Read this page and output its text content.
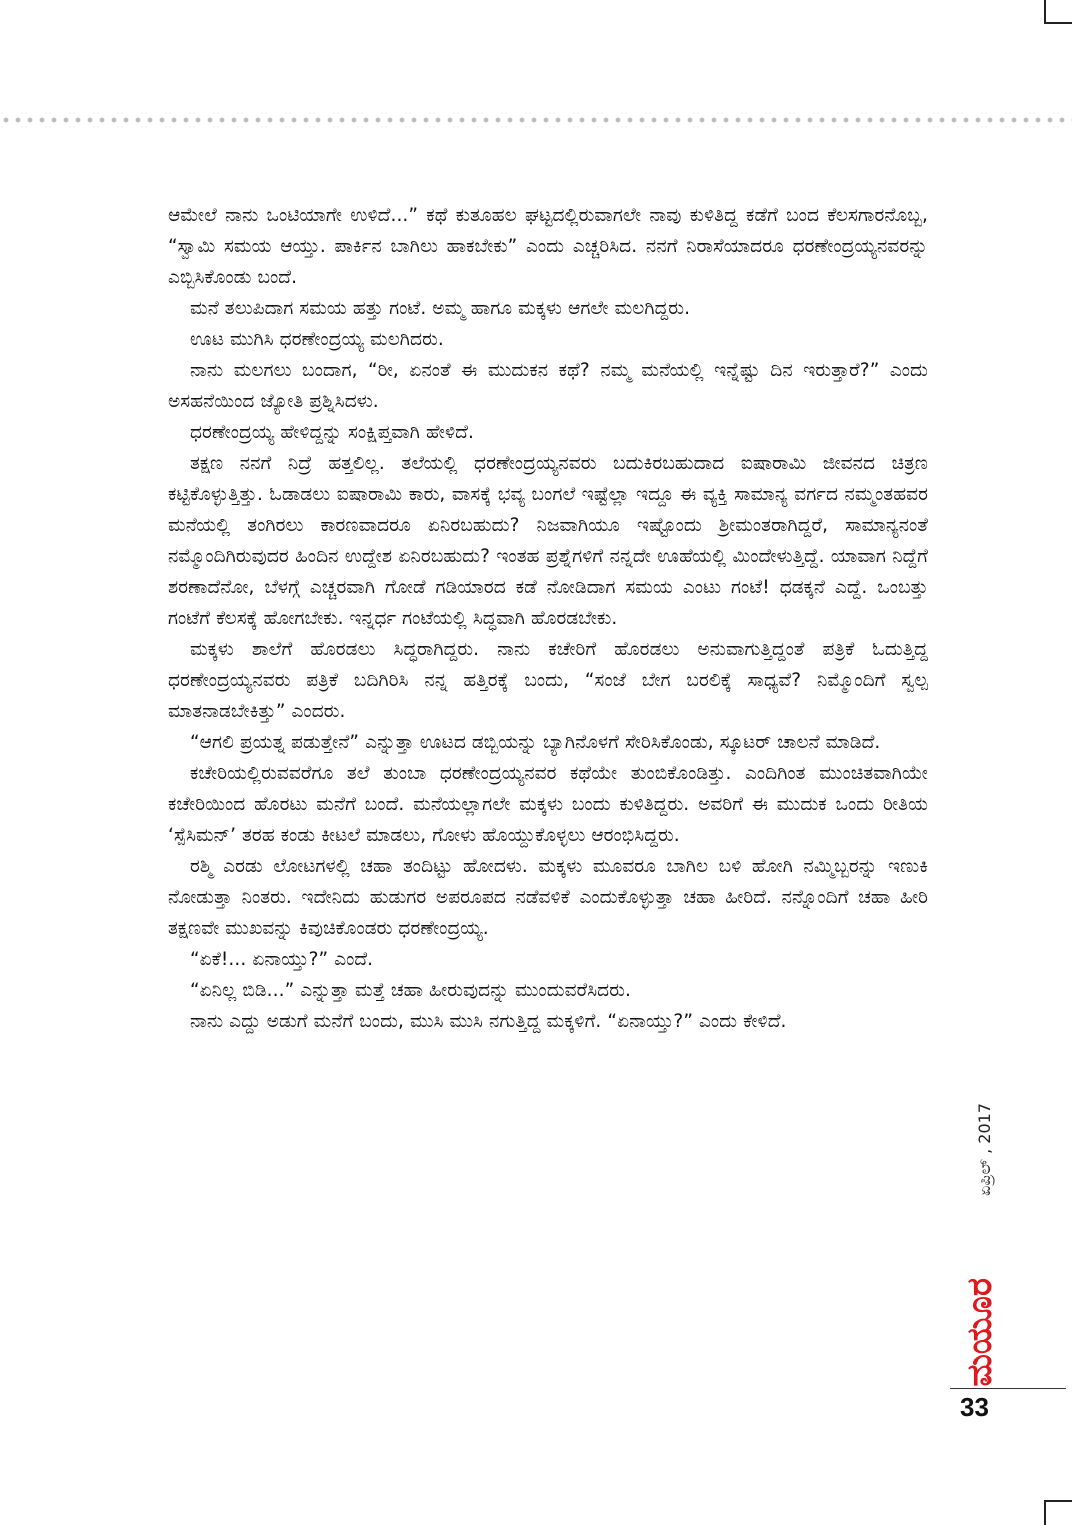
ಆಮೇಲೆ ನಾನು ಒಂಟಿಯಾಗೇ ಉಳಿದೆ...” ಕಥೆ ಕುತೂಹಲ ಘಟ್ಟದಲ್ಲಿರುವಾಗಲೇ ನಾವು ಕುಳಿತಿದ್ದ ಕಡೆಗೆ ಬಂದ ಕೆಲಸಗಾರನೊಬ್ಬ, “ಸ್ವಾಮಿ ಸಮಯ ಆಯ್ತು. ಪಾರ್ಕಿನ ಬಾಗಿಲು ಹಾಕಬೇಕು” ಎಂದು ಎಚ್ಚರಿಸಿದ. ನನಗೆ ನಿರಾಸೆಯಾದರೂ ಧರಣೇಂದ್ರಯ್ಯನವರನ್ನು ಎಬ್ಬಿಸಿಕೊಂಡು ಬಂದೆ.

ಮನೆ ತಲುಪಿದಾಗ ಸಮಯ ಹತ್ತು ಗಂಟೆ. ಅಮ್ಮ ಹಾಗೂ ಮಕ್ಕಳು ಆಗಲೇ ಮಲಗಿದ್ದರು.

ಊಟ ಮುಗಿಸಿ ಧರಣೇಂದ್ರಯ್ಯ ಮಲಗಿದರು.

ನಾನು ಮಲಗಲು ಬಂದಾಗ, “ರೀ, ಏನಂತೆ ಈ ಮುದುಕನ ಕಥೆ? ನಮ್ಮ ಮನೆಯಲ್ಲಿ ಇನ್ನೆಷ್ಟು ದಿನ ಇರುತ್ತಾರೆ?” ಎಂದು ಅಸಹನೆಯಿಂದ ಜ್ಯೋತಿ ಪ್ರಶ್ನಿಸಿದಳು.

ಧರಣೇಂದ್ರಯ್ಯ ಹೇಳಿದ್ದನ್ನು ಸಂಕ್ಷಿಪ್ತವಾಗಿ ಹೇಳಿದೆ.

ತಕ್ಷಣ ನನಗೆ ನಿದ್ರೆ ಹತ್ತಲಿಲ್ಲ. ತಲೆಯಲ್ಲಿ ಧರಣೇಂದ್ರಯ್ಯನವರು ಬದುಕಿರಬಹುದಾದ ಐಷಾರಾಮಿ ಜೀವನದ ಚಿತ್ರಣ ಕಟ್ಟಿಕೊಳ್ಳುತ್ತಿತ್ತು. ಓಡಾಡಲು ಐಷಾರಾಮಿ ಕಾರು, ವಾಸಕ್ಕೆ ಭವ್ಯ ಬಂಗಲೆ ಇಷ್ಟೆಲ್ಲಾ ಇದ್ದೂ ಈ ವ್ಯಕ್ತಿ ಸಾಮಾನ್ಯ ವರ್ಗದ ನಮ್ಮಂತಹವರ ಮನೆಯಲ್ಲಿ ತಂಗಿರಲು ಕಾರಣವಾದರೂ ಏನಿರಬಹುದು? ನಿಜವಾಗಿಯೂ ಇಷ್ಟೊಂದು ಶ್ರೀಮಂತರಾಗಿದ್ದರೆ, ಸಾಮಾನ್ಯನಂತೆ ನಮ್ಮೊಂದಿಗಿರುವುದರ ಹಿಂದಿನ ಉದ್ದೇಶ ಏನಿರಬಹುದು? ಇಂತಹ ಪ್ರಶ್ನೆಗಳಿಗೆ ನನ್ನದೇ ಊಹೆಯಲ್ಲಿ ಮಿಂದೇಳುತ್ತಿದ್ದೆ. ಯಾವಾಗ ನಿದ್ದೆಗೆ ಶರಣಾದೆನೋ, ಬೆಳಗ್ಗೆ ಎಚ್ಚರವಾಗಿ ಗೋಡೆ ಗಡಿಯಾರದ ಕಡೆ ನೋಡಿದಾಗ ಸಮಯ ಎಂಟು ಗಂಟೆ! ಧಡಕ್ಕನೆ ಎದ್ದೆ. ಒಂಬತ್ತು ಗಂಟೆಗೆ ಕೆಲಸಕ್ಕೆ ಹೋಗಬೇಕು. ಇನ್ನರ್ಧ ಗಂಟೆಯಲ್ಲಿ ಸಿದ್ಧವಾಗಿ ಹೊರಡಬೇಕು.

ಮಕ್ಕಳು ಶಾಲೆಗೆ ಹೊರಡಲು ಸಿದ್ಧರಾಗಿದ್ದರು. ನಾನು ಕಚೇರಿಗೆ ಹೊರಡಲು ಅನುವಾಗುತ್ತಿದ್ದಂತೆ ಪತ್ರಿಕೆ ಓದುತ್ತಿದ್ದ ಧರಣೇಂದ್ರಯ್ಯನವರು ಪತ್ರಿಕೆ ಬದಿಗಿರಿಸಿ ನನ್ನ ಹತ್ತಿರಕ್ಕೆ ಬಂದು, “ಸಂಜೆ ಬೇಗ ಬರಲಿಕ್ಕೆ ಸಾಧ್ಯವೆ? ನಿಮ್ಮೊಂದಿಗೆ ಸ್ವಲ್ಪ ಮಾತನಾಡಬೇಕಿತ್ತು” ಎಂದರು.

“ಆಗಲಿ ಪ್ರಯತ್ನ ಪಡುತ್ತೇನೆ” ಎನ್ನುತ್ತಾ ಊಟದ ಡಬ್ಬಿಯನ್ನು ಬ್ಯಾಗಿನೊಳಗೆ ಸೇರಿಸಿಕೊಂಡು, ಸ್ಕೂಟರ್ ಚಾಲನೆ ಮಾಡಿದೆ.

ಕಚೇರಿಯಲ್ಲಿರುವವರೆಗೂ ತಲೆ ತುಂಬಾ ಧರಣೇಂದ್ರಯ್ಯನವರ ಕಥೆಯೇ ತುಂಬಿಕೊಂಡಿತ್ತು. ಎಂದಿಗಿಂತ ಮುಂಚಿತವಾಗಿಯೇ ಕಚೇರಿಯಿಂದ ಹೊರಟು ಮನೆಗೆ ಬಂದೆ. ಮನೆಯಲ್ಲಾಗಲೇ ಮಕ್ಕಳು ಬಂದು ಕುಳಿತಿದ್ದರು. ಅವರಿಗೆ ಈ ಮುದುಕ ಒಂದು ರೀತಿಯ ‘ಸ್ಪೆಸಿಮನ್’ ತರಹ ಕಂಡು ಕೀಟಲೆ ಮಾಡಲು, ಗೋಳು ಹೊಯ್ದುಕೊಳ್ಳಲು ಆರಂಭಿಸಿದ್ದರು.

ರಶ್ಮಿ ಎರಡು ಲೋಟಗಳಲ್ಲಿ ಚಹಾ ತಂದಿಟ್ಟು ಹೋದಳು. ಮಕ್ಕಳು ಮೂವರೂ ಬಾಗಿಲ ಬಳಿ ಹೋಗಿ ನಮ್ಮಿಬ್ಬರನ್ನು ಇಣುಕಿ ನೋಡುತ್ತಾ ನಿಂತರು. ಇದೇನಿದು ಹುಡುಗರ ಅಪರೂಪದ ನಡೆವಳಿಕೆ ಎಂದುಕೊಳ್ಳುತ್ತಾ ಚಹಾ ಹೀರಿದೆ. ನನ್ನೊಂದಿಗೆ ಚಹಾ ಹೀರಿ ತಕ್ಷಣವೇ ಮುಖವನ್ನು ಕಿವುಚಿಕೊಂಡರು ಧರಣೇಂದ್ರಯ್ಯ.

“ಏಕೆ!... ಏನಾಯ್ತು?” ಎಂದೆ.

“ಏನಿಲ್ಲ ಬಿಡಿ...” ಎನ್ನುತ್ತಾ ಮತ್ತೆ ಚಹಾ ಹೀರುವುದನ್ನು ಮುಂದುವರೆಸಿದರು.

ನಾನು ಎದ್ದು ಅಡುಗೆ ಮನೆಗೆ ಬಂದು, ಮುಸಿ ಮುಸಿ ನಗುತ್ತಿದ್ದ ಮಕ್ಕಳಿಗೆ. “ಏನಾಯ್ತು?” ಎಂದು ಕೇಳಿದೆ.

ಏಪ್ರಿಲ್ , 2017
ಮಯೂರ
33
